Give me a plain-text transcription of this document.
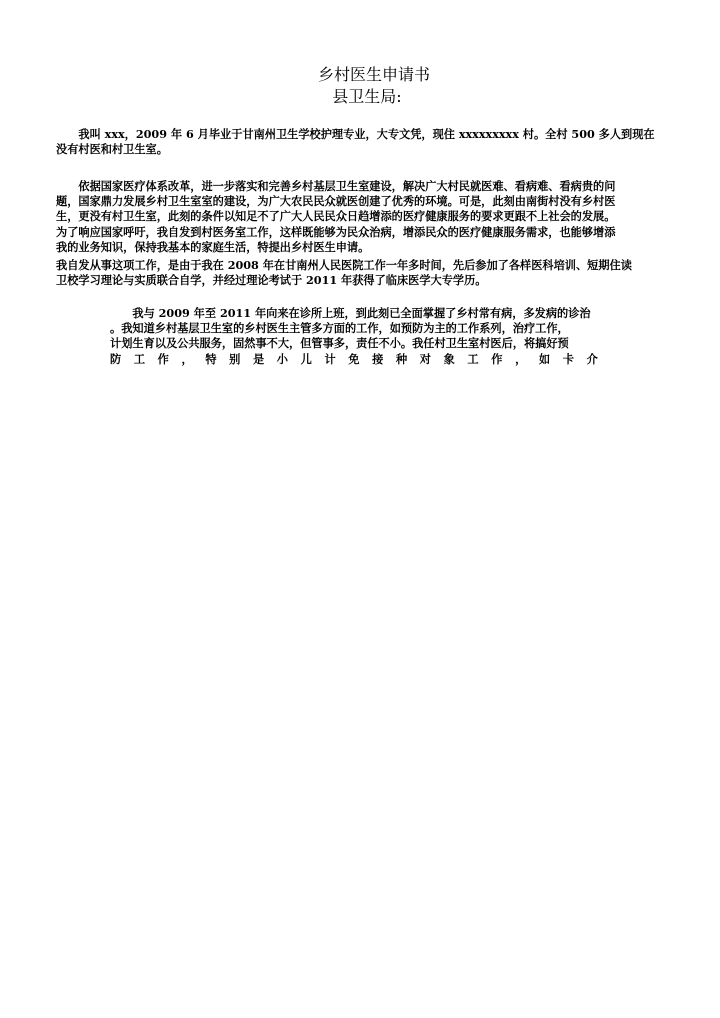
乡村医生申请书
县卫生局:

　　我叫 xxx，2009 年 6 月毕业于甘南州卫生学校护理专业，大专文凭，现住 xxxxxxxxx 村。全村 500 多人到现在
没有村医和村卫生室。

　　依据国家医疗体系改革，进一步落实和完善乡村基层卫生室建设，解决广大村民就医难、看病难、看病贵的问
题，国家鼎力发展乡村卫生室室的建设，为广大农民民众就医创建了优秀的环境。可是，此刻由南街村没有乡村医
生，更没有村卫生室，此刻的条件以知足不了广大人民民众日趋增添的医疗健康服务的要求更跟不上社会的发展。
为了响应国家呼吁，我自发到村医务室工作，这样既能够为民众治病，增添民众的医疗健康服务需求，也能够增添
我的业务知识，保持我基本的家庭生活，特提出乡村医生申请。

我自发从事这项工作，是由于我在 2008 年在甘南州人民医院工作一年多时间，先后参加了各样医科培训、短期住读
卫校学习理论与实质联合自学，并经过理论考试于 2011 年获得了临床医学大专学历。

　　我与 2009 年至 2011 年向来在诊所上班，到此刻已全面掌握了乡村常有病，多发病的诊治
。我知道乡村基层卫生室的乡村医生主管多方面的工作，如预防为主的工作系列，治疗工作，
计划生育以及公共服务，固然事不大，但管事多，责任不小。我任村卫生室村医后，将搞好预
防 工 作 ， 特 别 是 小 儿 计 免 接 种 对 象 工 作 ， 如 卡 介
